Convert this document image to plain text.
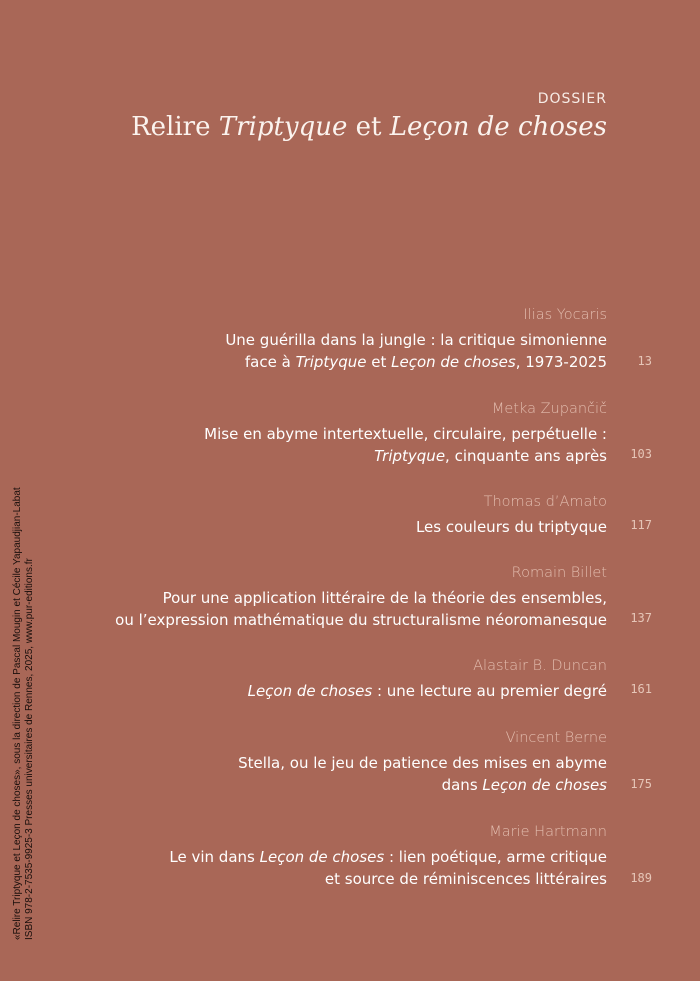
DOSSIER
Relire Triptyque et Leçon de choses
Ilias Yocaris
Une guérilla dans la jungle : la critique simonienne
face à Triptyque et Leçon de choses, 1973-2025	13
Metka Zupančič
Mise en abyme intertextuelle, circulaire, perpétuelle :
Triptyque, cinquante ans après 103
Thomas d’Amato
Les couleurs du triptyque 117
Romain Billet
Pour une application littéraire de la théorie des ensembles,
ou l’expression mathématique du structuralisme néoromanesque 137
Alastair B. Duncan
Leçon de choses : une lecture au premier degré 161
Vincent Berne
Stella, ou le jeu de patience des mises en abyme
dans Leçon de choses 175
Marie Hartmann
Le vin dans Leçon de choses : lien poétique, arme critique
et source de réminiscences littéraires 189
«Relire Triptyque et Leçon de choses», sous la direction de Pascal Mougin et Cécile Yapaudjian-Labat ISBN 978-2-7535-9925-3 Presses universitaires de Rennes, 2025, www.pur-editions.fr
